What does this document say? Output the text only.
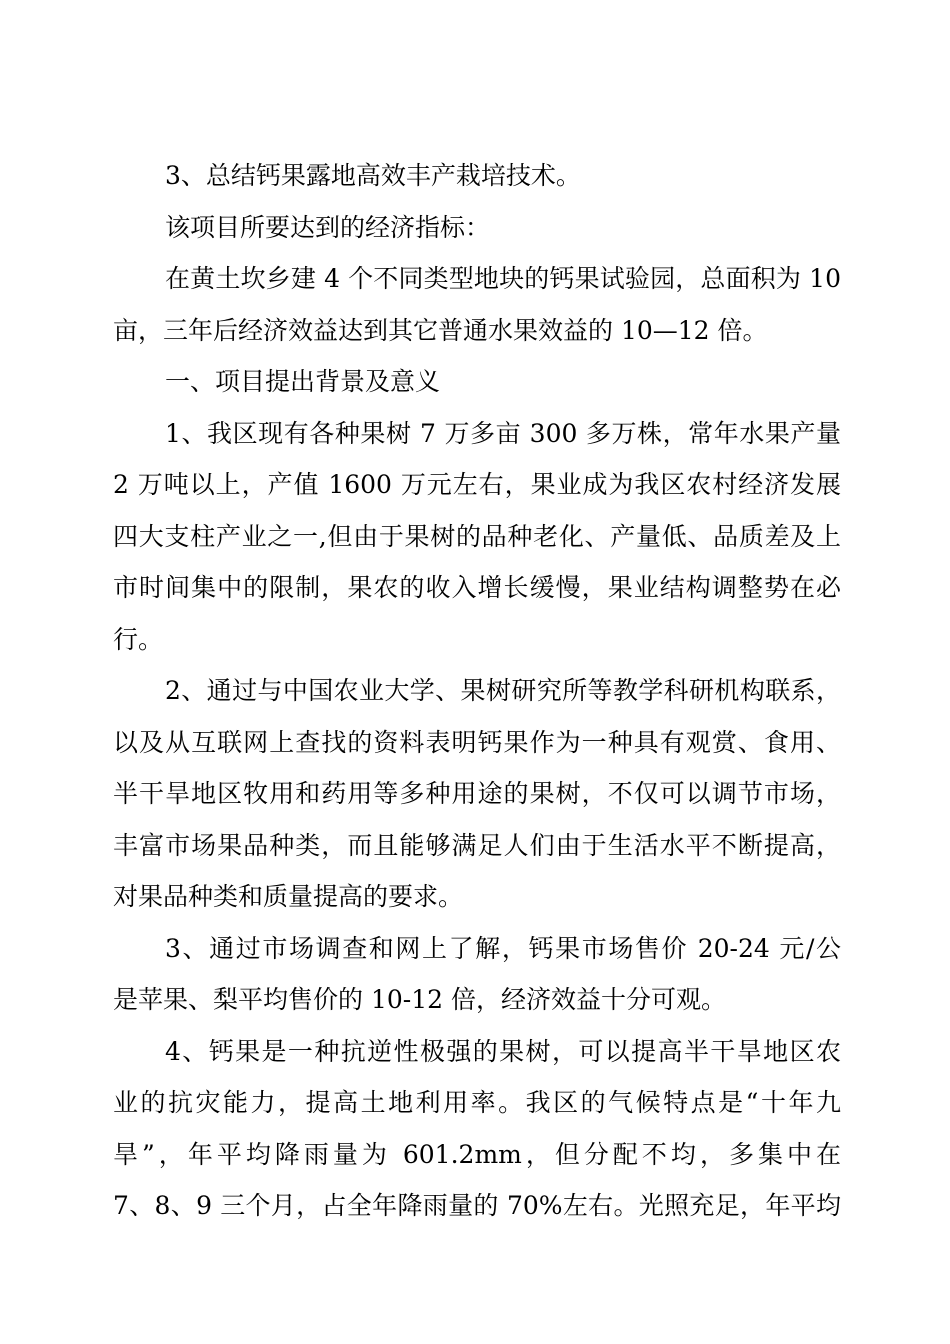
3、总结钙果露地高效丰产栽培技术。
该项目所要达到的经济指标：
在黄土坎乡建 4 个不同类型地块的钙果试验园，总面积为 10
亩，三年后经济效益达到其它普通水果效益的 10—12 倍。
一、项目提出背景及意义
1、我区现有各种果树 7 万多亩 300 多万株，常年水果产量
2 万吨以上，产值 1600 万元左右，果业成为我区农村经济发展
四大支柱产业之一,但由于果树的品种老化、产量低、品质差及上
市时间集中的限制，果农的收入增长缓慢，果业结构调整势在必
行。
2、通过与中国农业大学、果树研究所等教学科研机构联系，
以及从互联网上查找的资料表明钙果作为一种具有观赏、食用、
半干旱地区牧用和药用等多种用途的果树，不仅可以调节市场，
丰富市场果品种类，而且能够满足人们由于生活水平不断提高，
对果品种类和质量提高的要求。
3、通过市场调查和网上了解，钙果市场售价 20-24 元/公
是苹果、梨平均售价的 10-12 倍，经济效益十分可观。
4、钙果是一种抗逆性极强的果树，可以提高半干旱地区农
业的抗灾能力，提高土地利用率。我区的气候特点是“十年九
旱”，年平均降雨量为 601.2mm，但分配不均，多集中在
7、8、9 三个月，占全年降雨量的 70%左右。光照充足，年平均
